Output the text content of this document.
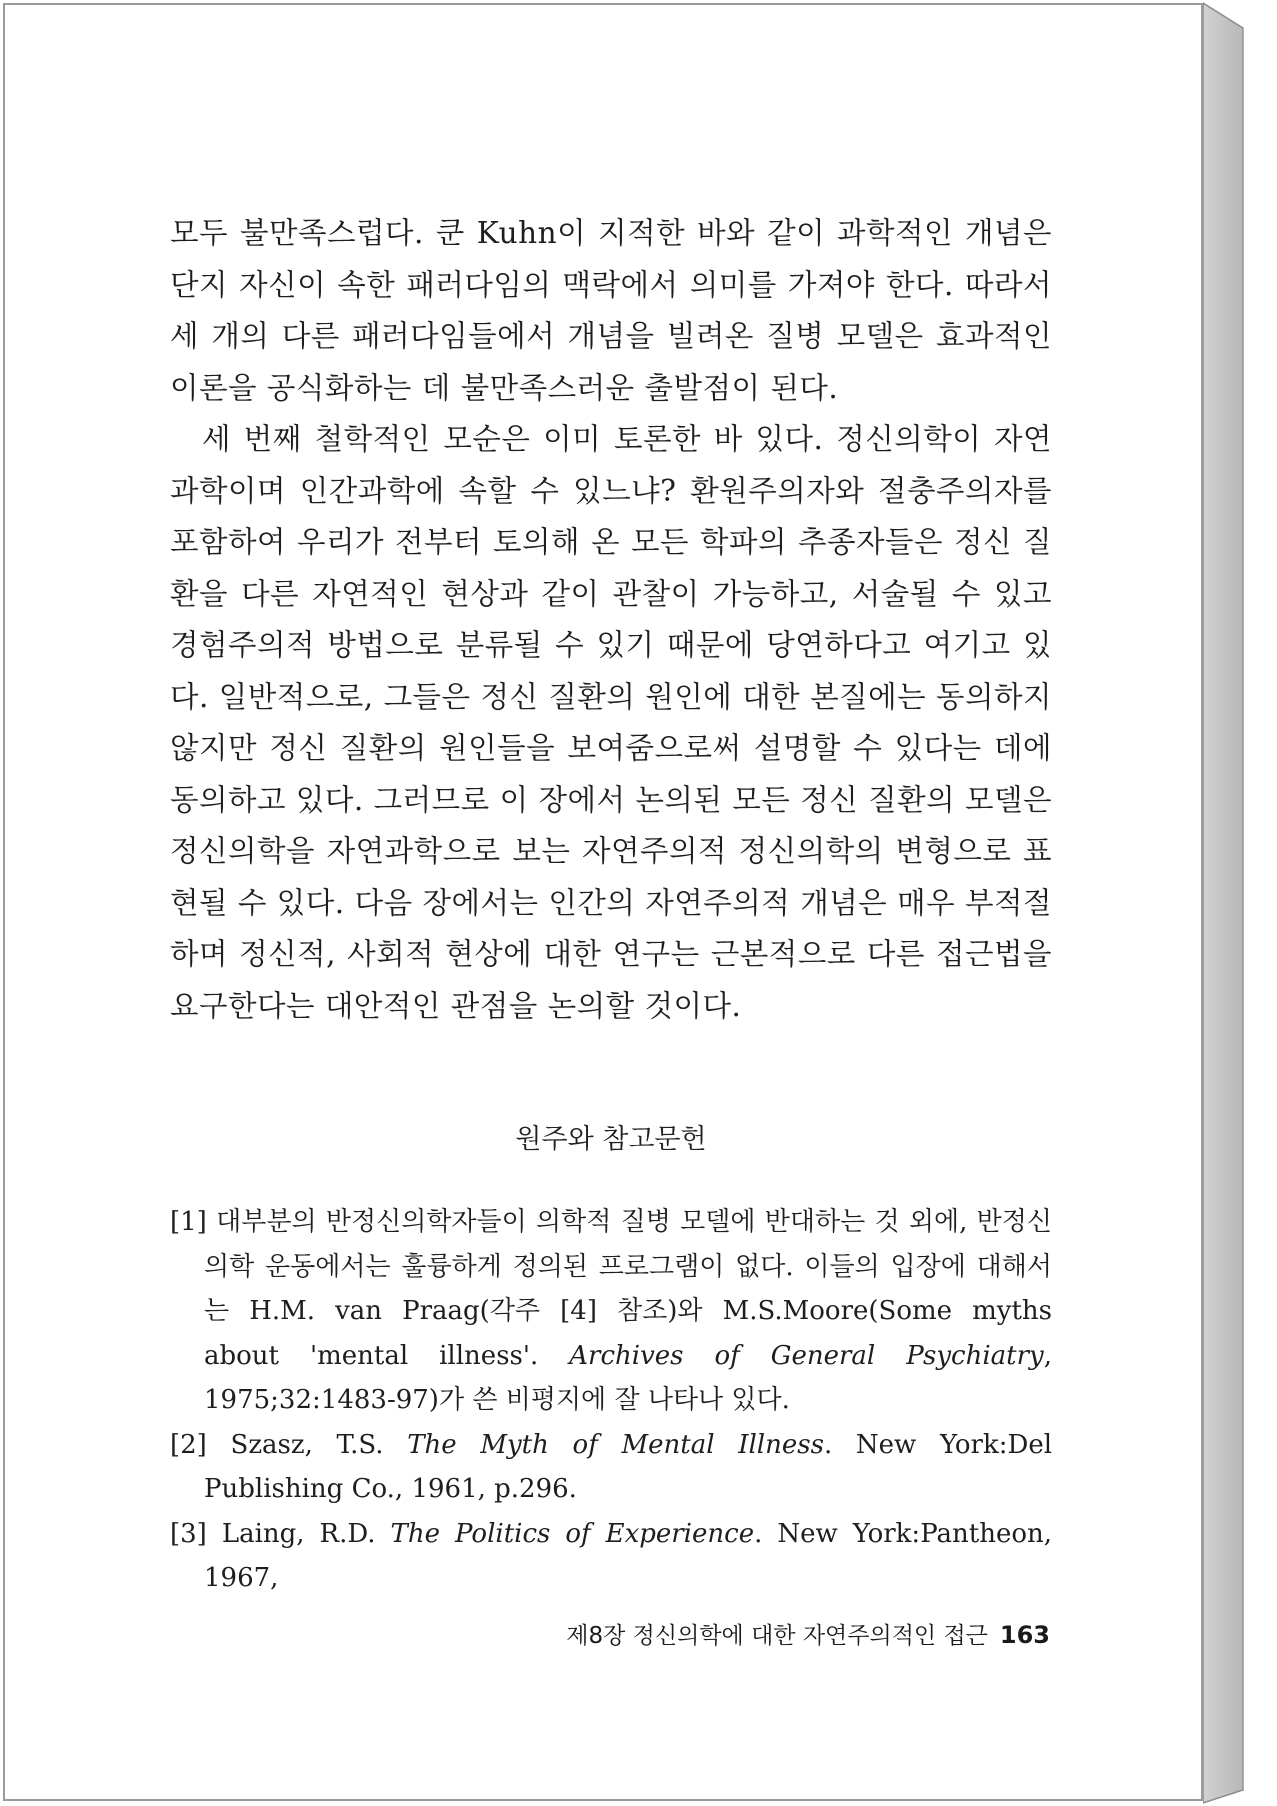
모두 불만족스럽다. 쿤 Kuhn이 지적한 바와 같이 과학적인 개념은 단지 자신이 속한 패러다임의 맥락에서 의미를 가져야 한다. 따라서 세 개의 다른 패러다임들에서 개념을 빌려온 질병 모델은 효과적인 이론을 공식화하는 데 불만족스러운 출발점이 된다.

세 번째 철학적인 모순은 이미 토론한 바 있다. 정신의학이 자연과학이며 인간과학에 속할 수 있느냐? 환원주의자와 절충주의자를 포함하여 우리가 전부터 토의해 온 모든 학파의 추종자들은 정신 질환을 다른 자연적인 현상과 같이 관찰이 가능하고, 서술될 수 있고 경험주의적 방법으로 분류될 수 있기 때문에 당연하다고 여기고 있다. 일반적으로, 그들은 정신 질환의 원인에 대한 본질에는 동의하지 않지만 정신 질환의 원인들을 보여줌으로써 설명할 수 있다는 데에 동의하고 있다. 그러므로 이 장에서 논의된 모든 정신 질환의 모델은 정신의학을 자연과학으로 보는 자연주의적 정신의학의 변형으로 표현될 수 있다. 다음 장에서는 인간의 자연주의적 개념은 매우 부적절하며 정신적, 사회적 현상에 대한 연구는 근본적으로 다른 접근법을 요구한다는 대안적인 관점을 논의할 것이다.

원주와 참고문헌

[1] 대부분의 반정신의학자들이 의학적 질병 모델에 반대하는 것 외에, 반정신의학 운동에서는 훌륭하게 정의된 프로그램이 없다. 이들의 입장에 대해서는 H.M. van Praag(각주 [4] 참조)와 M.S.Moore(Some myths about 'mental illness'. Archives of General Psychiatry, 1975;32:1483-97)가 쓴 비평지에 잘 나타나 있다.

[2] Szasz, T.S. The Myth of Mental Illness. New York:Del Publishing Co., 1961, p.296.

[3] Laing, R.D. The Politics of Experience. New York:Pantheon, 1967,

제8장 정신의학에 대한 자연주의적인 접근 163
